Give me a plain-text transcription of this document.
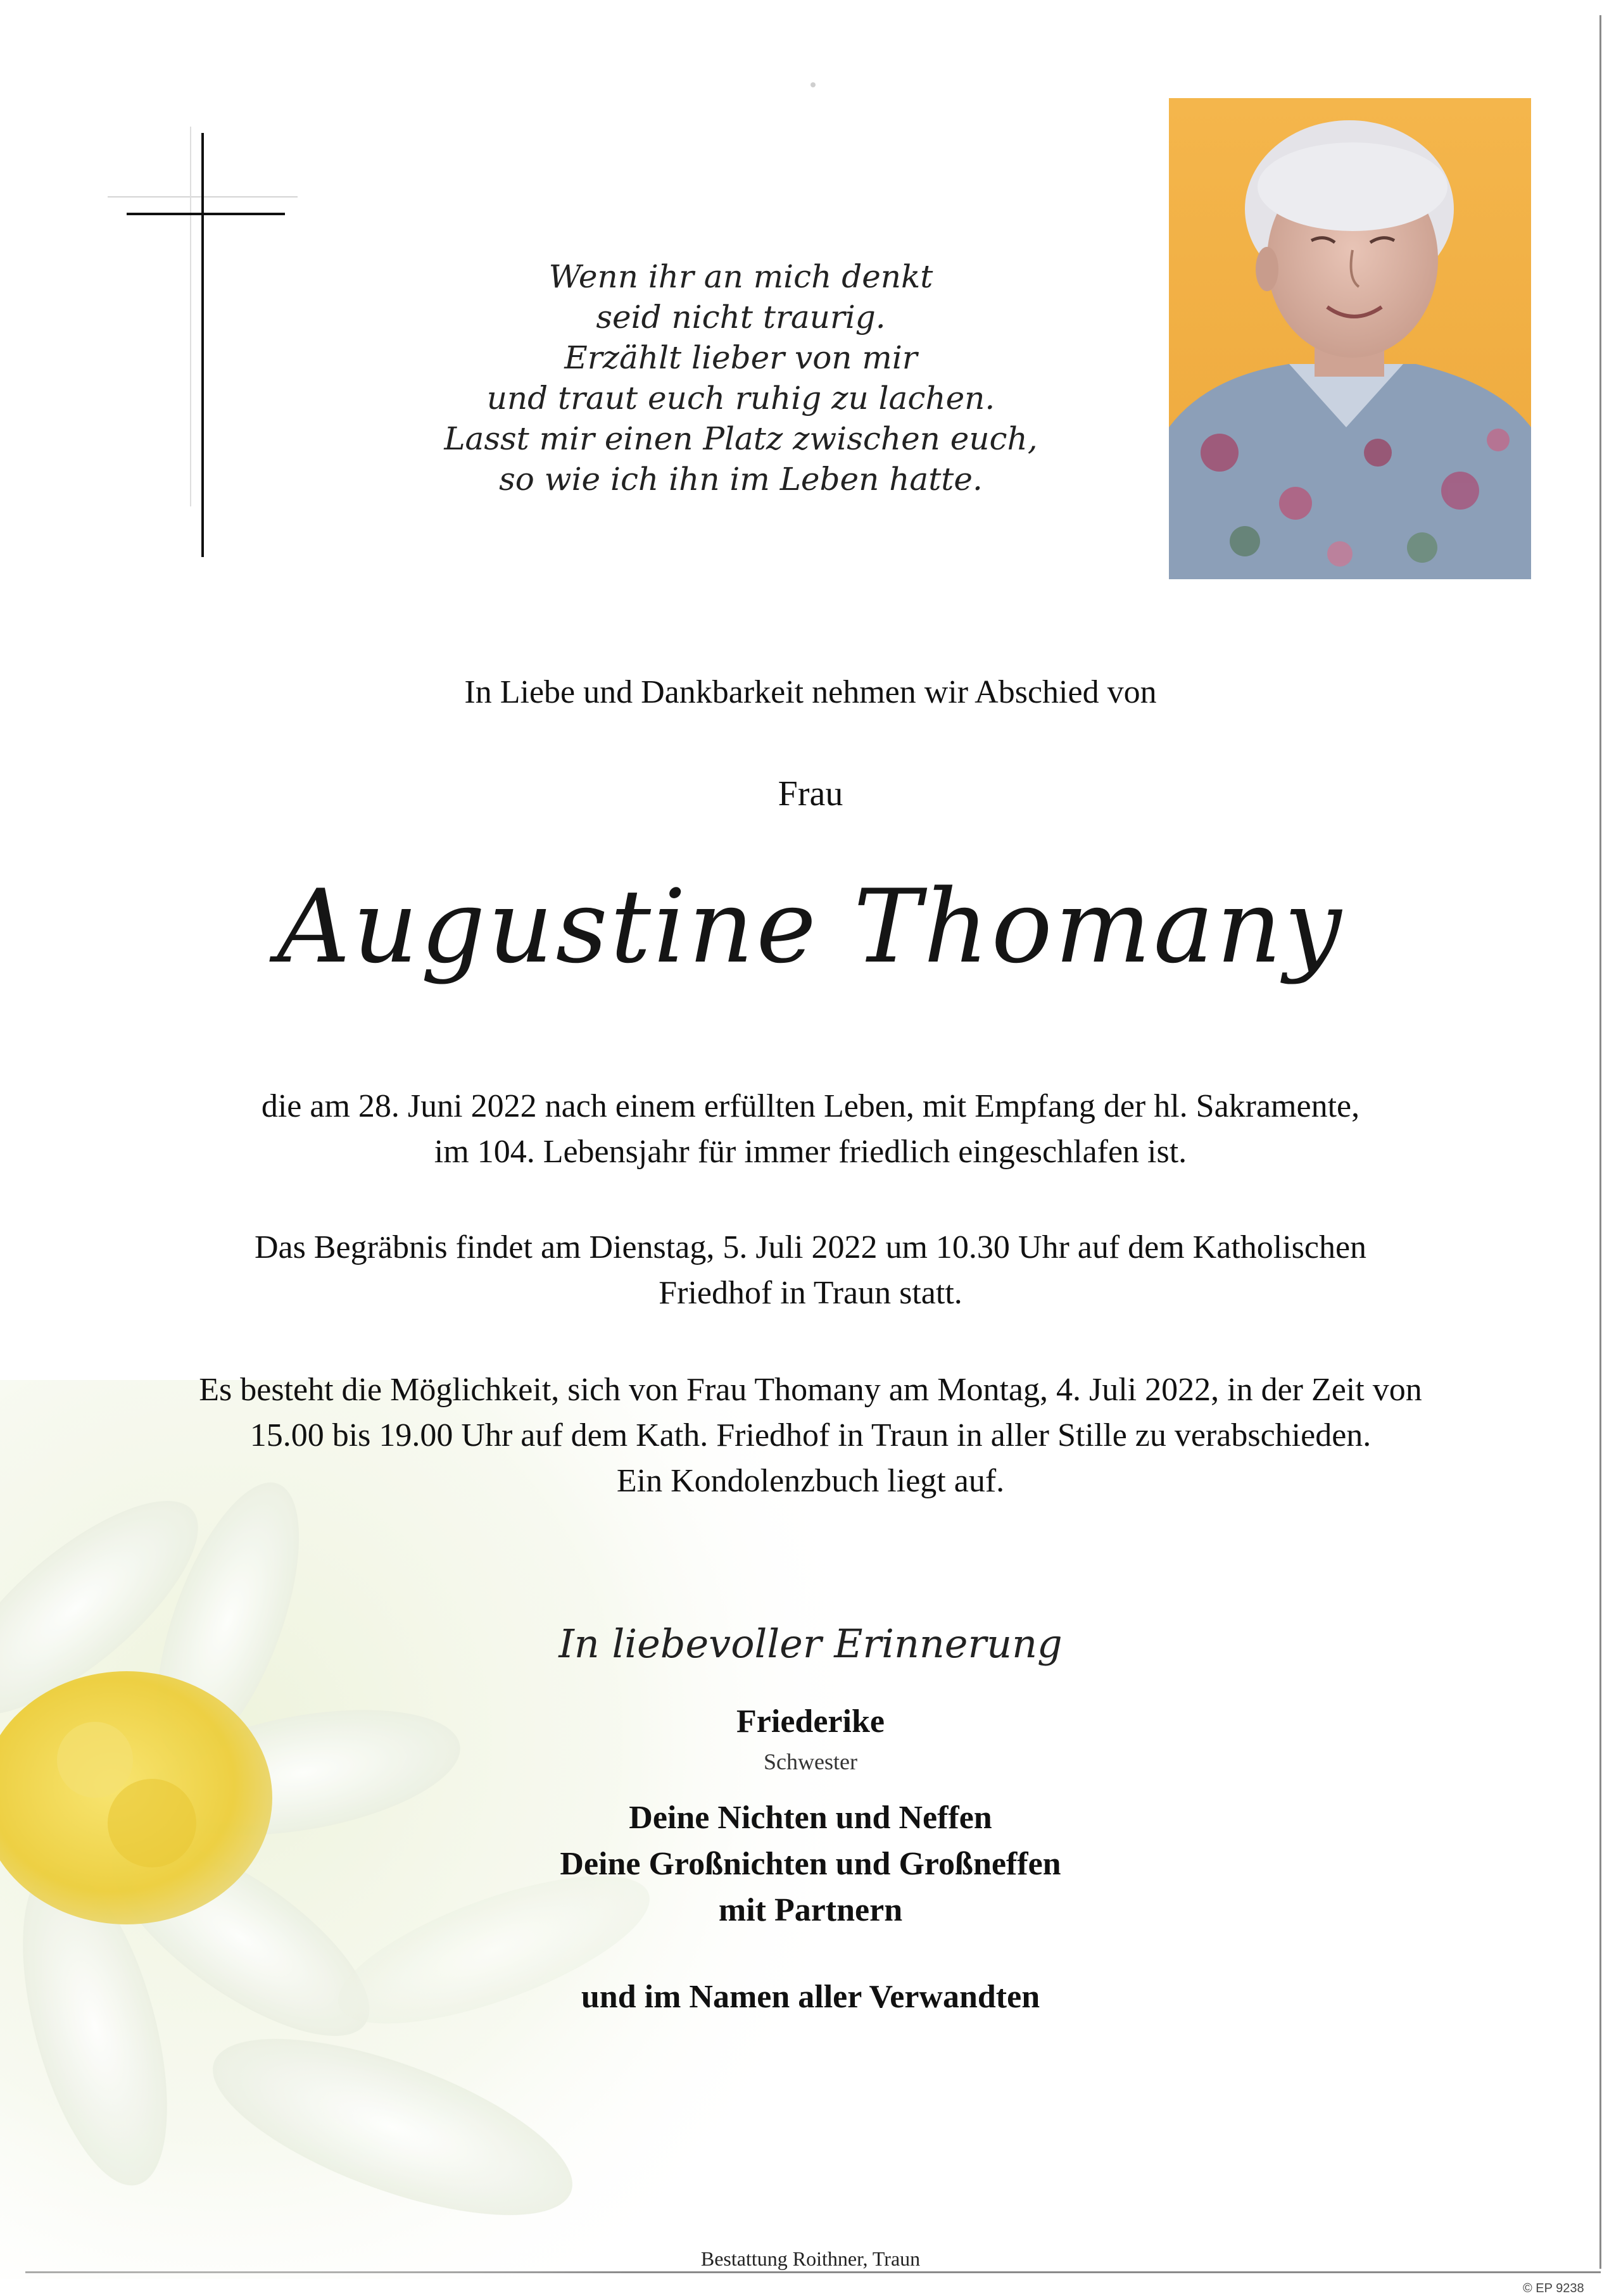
Wenn ihr an mich denkt
seid nicht traurig.
Erzählt lieber von mir
und traut euch ruhig zu lachen.
Lasst mir einen Platz zwischen euch,
so wie ich ihn im Leben hatte.
In Liebe und Dankbarkeit nehmen wir Abschied von
Frau
Augustine Thomany
die am 28. Juni 2022 nach einem erfüllten Leben, mit Empfang der hl. Sakramente,
im 104. Lebensjahr für immer friedlich eingeschlafen ist.
Das Begräbnis findet am Dienstag, 5. Juli 2022 um 10.30 Uhr auf dem Katholischen
Friedhof in Traun statt.
Es besteht die Möglichkeit, sich von Frau Thomany am Montag, 4. Juli 2022, in der Zeit von
15.00 bis 19.00 Uhr auf dem Kath. Friedhof in Traun in aller Stille zu verabschieden.
Ein Kondolenzbuch liegt auf.
In liebevoller Erinnerung
Friederike
Schwester
Deine Nichten und Neffen
Deine Großnichten und Großneffen
mit Partnern
und im Namen aller Verwandten
Bestattung Roithner, Traun
© EP 9238
